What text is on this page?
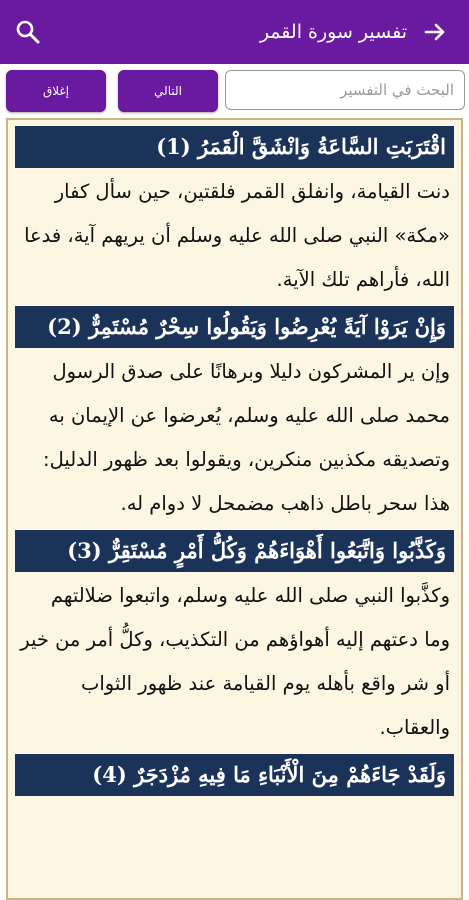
تفسير سورة القمر
إغلاق	التالي
البحث في التفسير
اقْتَرَبَتِ السَّاعَةُ وَانْشَقَّ الْقَمَرُ (1)
دنت القيامة، وانفلق القمر فلقتين، حين سأل كفار «مكة» النبي صلى الله عليه وسلم أن يريهم آية، فدعا الله، فأراهم تلك الآية.
وَإِنْ يَرَوْا آيَةً يُعْرِضُوا وَيَقُولُوا سِحْرٌ مُسْتَمِرٌّ (2)
وإن ير المشركون دليلا وبرهانًا على صدق الرسول محمد صلى الله عليه وسلم، يُعرضوا عن الإيمان به وتصديقه مكذبين منكرين، ويقولوا بعد ظهور الدليل: هذا سحر باطل ذاهب مضمحل لا دوام له.
وَكَذَّبُوا وَاتَّبَعُوا أَهْوَاءَهُمْ وَكُلُّ أَمْرٍ مُسْتَقِرٌّ (3)
وكذَّبوا النبي صلى الله عليه وسلم، واتبعوا ضلالتهم وما دعتهم إليه أهواؤهم من التكذيب، وكلُّ أمر من خير أو شر واقع بأهله يوم القيامة عند ظهور الثواب والعقاب.
وَلَقَدْ جَاءَهُمْ مِنَ الْأَنْبَاءِ مَا فِيهِ مُزْدَجَرٌ (4)
